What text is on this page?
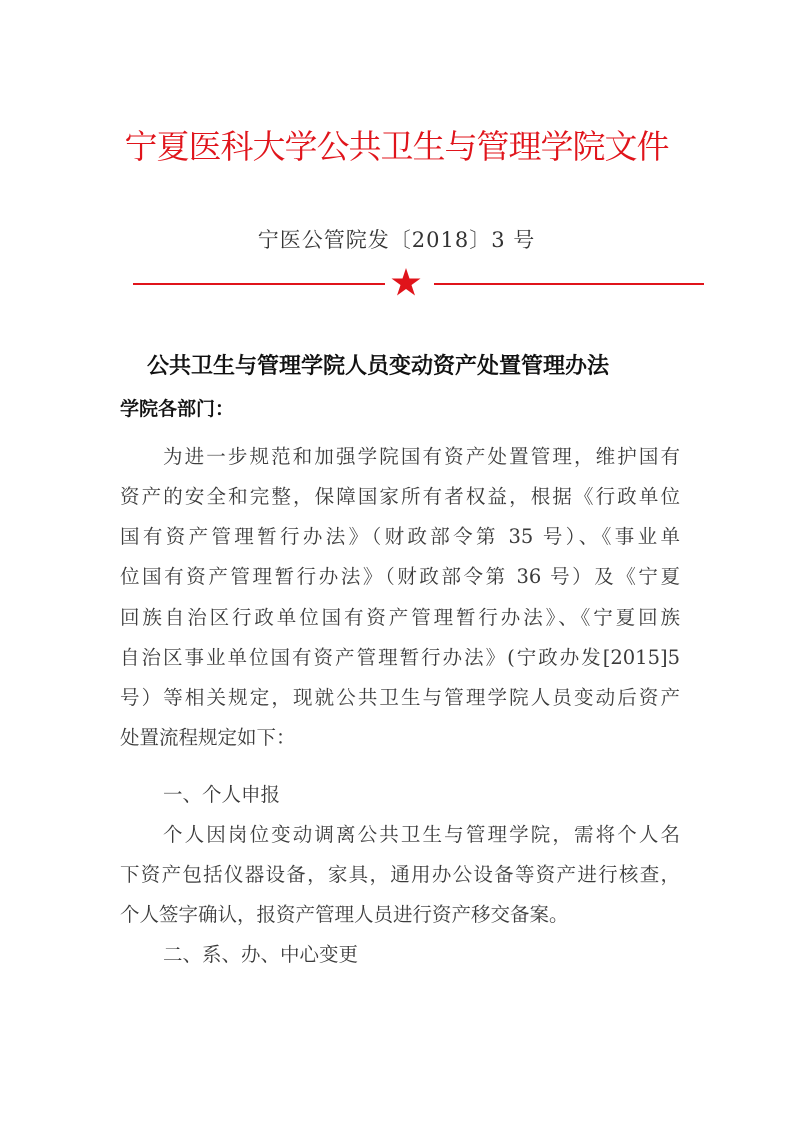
宁夏医科大学公共卫生与管理学院文件
宁医公管院发〔2018〕3 号
公共卫生与管理学院人员变动资产处置管理办法
学院各部门：
为进一步规范和加强学院国有资产处置管理，维护国有
资产的安全和完整，保障国家所有者权益，根据《行政单位
国有资产管理暂行办法》（财政部令第 35 号）、《事业单
位国有资产管理暂行办法》（财政部令第 36 号）及《宁夏
回族自治区行政单位国有资产管理暂行办法》、《宁夏回族
自治区事业单位国有资产管理暂行办法》(宁政办发[2015]5
号）等相关规定，现就公共卫生与管理学院人员变动后资产
处置流程规定如下：
一、个人申报
个人因岗位变动调离公共卫生与管理学院，需将个人名
下资产包括仪器设备，家具，通用办公设备等资产进行核查，
个人签字确认，报资产管理人员进行资产移交备案。
二、系、办、中心变更
